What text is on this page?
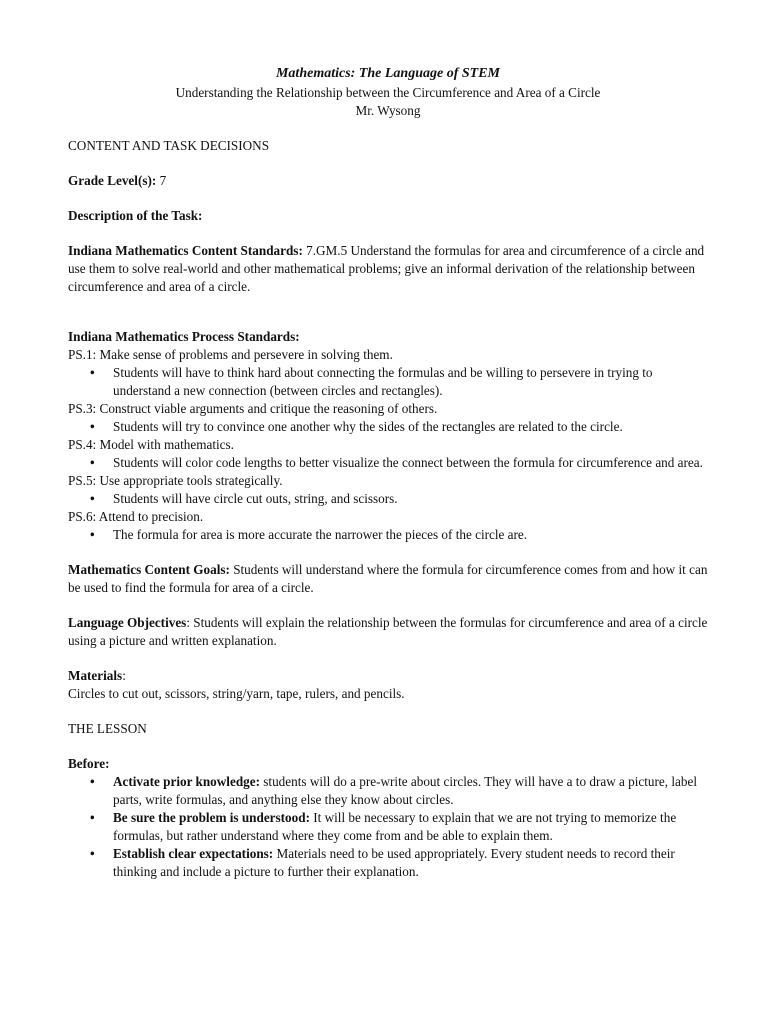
Mathematics: The Language of STEM
Understanding the Relationship between the Circumference and Area of a Circle
Mr. Wysong

CONTENT AND TASK DECISIONS

Grade Level(s): 7

Description of the Task:

Indiana Mathematics Content Standards: 7.GM.5 Understand the formulas for area and circumference of a circle and use them to solve real-world and other mathematical problems; give an informal derivation of the relationship between circumference and area of a circle.

Indiana Mathematics Process Standards:

PS.1: Make sense of problems and persevere in solving them.

• Students will have to think hard about connecting the formulas and be willing to persevere in trying to understand a new connection (between circles and rectangles).

PS.3: Construct viable arguments and critique the reasoning of others.

• Students will try to convince one another why the sides of the rectangles are related to the circle.

PS.4: Model with mathematics.

• Students will color code lengths to better visualize the connect between the formula for circumference and area.

PS.5: Use appropriate tools strategically.

• Students will have circle cut outs, string, and scissors.

PS.6: Attend to precision.

• The formula for area is more accurate the narrower the pieces of the circle are.

Mathematics Content Goals: Students will understand where the formula for circumference comes from and how it can be used to find the formula for area of a circle.

Language Objectives: Students will explain the relationship between the formulas for circumference and area of a circle using a picture and written explanation.

Materials:

Circles to cut out, scissors, string/yarn, tape, rulers, and pencils.

THE LESSON

Before:

• Activate prior knowledge: students will do a pre-write about circles. They will have a to draw a picture, label parts, write formulas, and anything else they know about circles.
• Be sure the problem is understood: It will be necessary to explain that we are not trying to memorize the formulas, but rather understand where they come from and be able to explain them.
• Establish clear expectations: Materials need to be used appropriately. Every student needs to record their thinking and include a picture to further their explanation.
